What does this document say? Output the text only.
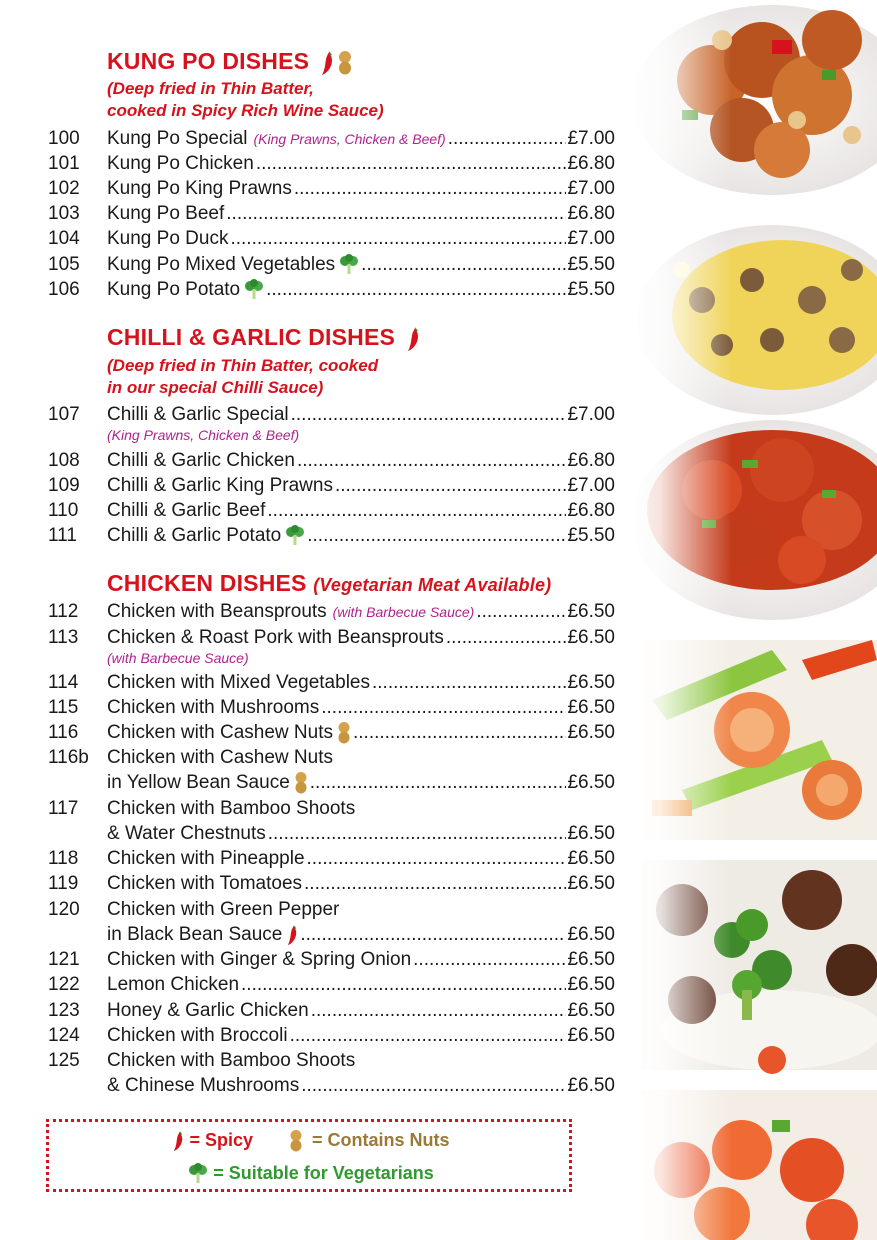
KUNG PO DISHES
(Deep fried in Thin Batter,
cooked in Spicy Rich Wine Sauce)
100 Kung Po Special (King Prawns, Chicken & Beef) .....	£7.00
101 Kung Po Chicken .....	£6.80
102 Kung Po King Prawns .....	£7.00
103 Kung Po Beef .....	£6.80
104 Kung Po Duck .....	£7.00
105 Kung Po Mixed Vegetables .....	£5.50
106 Kung Po Potato .....	£5.50
CHILLI & GARLIC DISHES
(Deep fried in Thin Batter, cooked
in our special Chilli Sauce)
107 Chilli & Garlic Special .....	£7.00
(King Prawns, Chicken & Beef)
108 Chilli & Garlic Chicken .....	£6.80
109 Chilli & Garlic King Prawns .....	£7.00
110 Chilli & Garlic Beef .....	£6.80
111 Chilli & Garlic Potato .....	£5.50
CHICKEN DISHES (Vegetarian Meat Available)
112 Chicken with Beansprouts (with Barbecue Sauce) .....	£6.50
113 Chicken & Roast Pork with Beansprouts .....	£6.50
(with Barbecue Sauce)
114 Chicken with Mixed Vegetables .....	£6.50
115 Chicken with Mushrooms .....	£6.50
116 Chicken with Cashew Nuts .....	£6.50
116b Chicken with Cashew Nuts
in Yellow Bean Sauce .....	£6.50
117 Chicken with Bamboo Shoots
& Water Chestnuts .....	£6.50
118 Chicken with Pineapple .....	£6.50
119 Chicken with Tomatoes .....	£6.50
120 Chicken with Green Pepper
in Black Bean Sauce .....	£6.50
121 Chicken with Ginger & Spring Onion .....	£6.50
122 Lemon Chicken .....	£6.50
123 Honey & Garlic Chicken .....	£6.50
124 Chicken with Broccoli .....	£6.50
125 Chicken with Bamboo Shoots
& Chinese Mushrooms .....	£6.50
= Spicy	= Contains Nuts
= Suitable for Vegetarians
